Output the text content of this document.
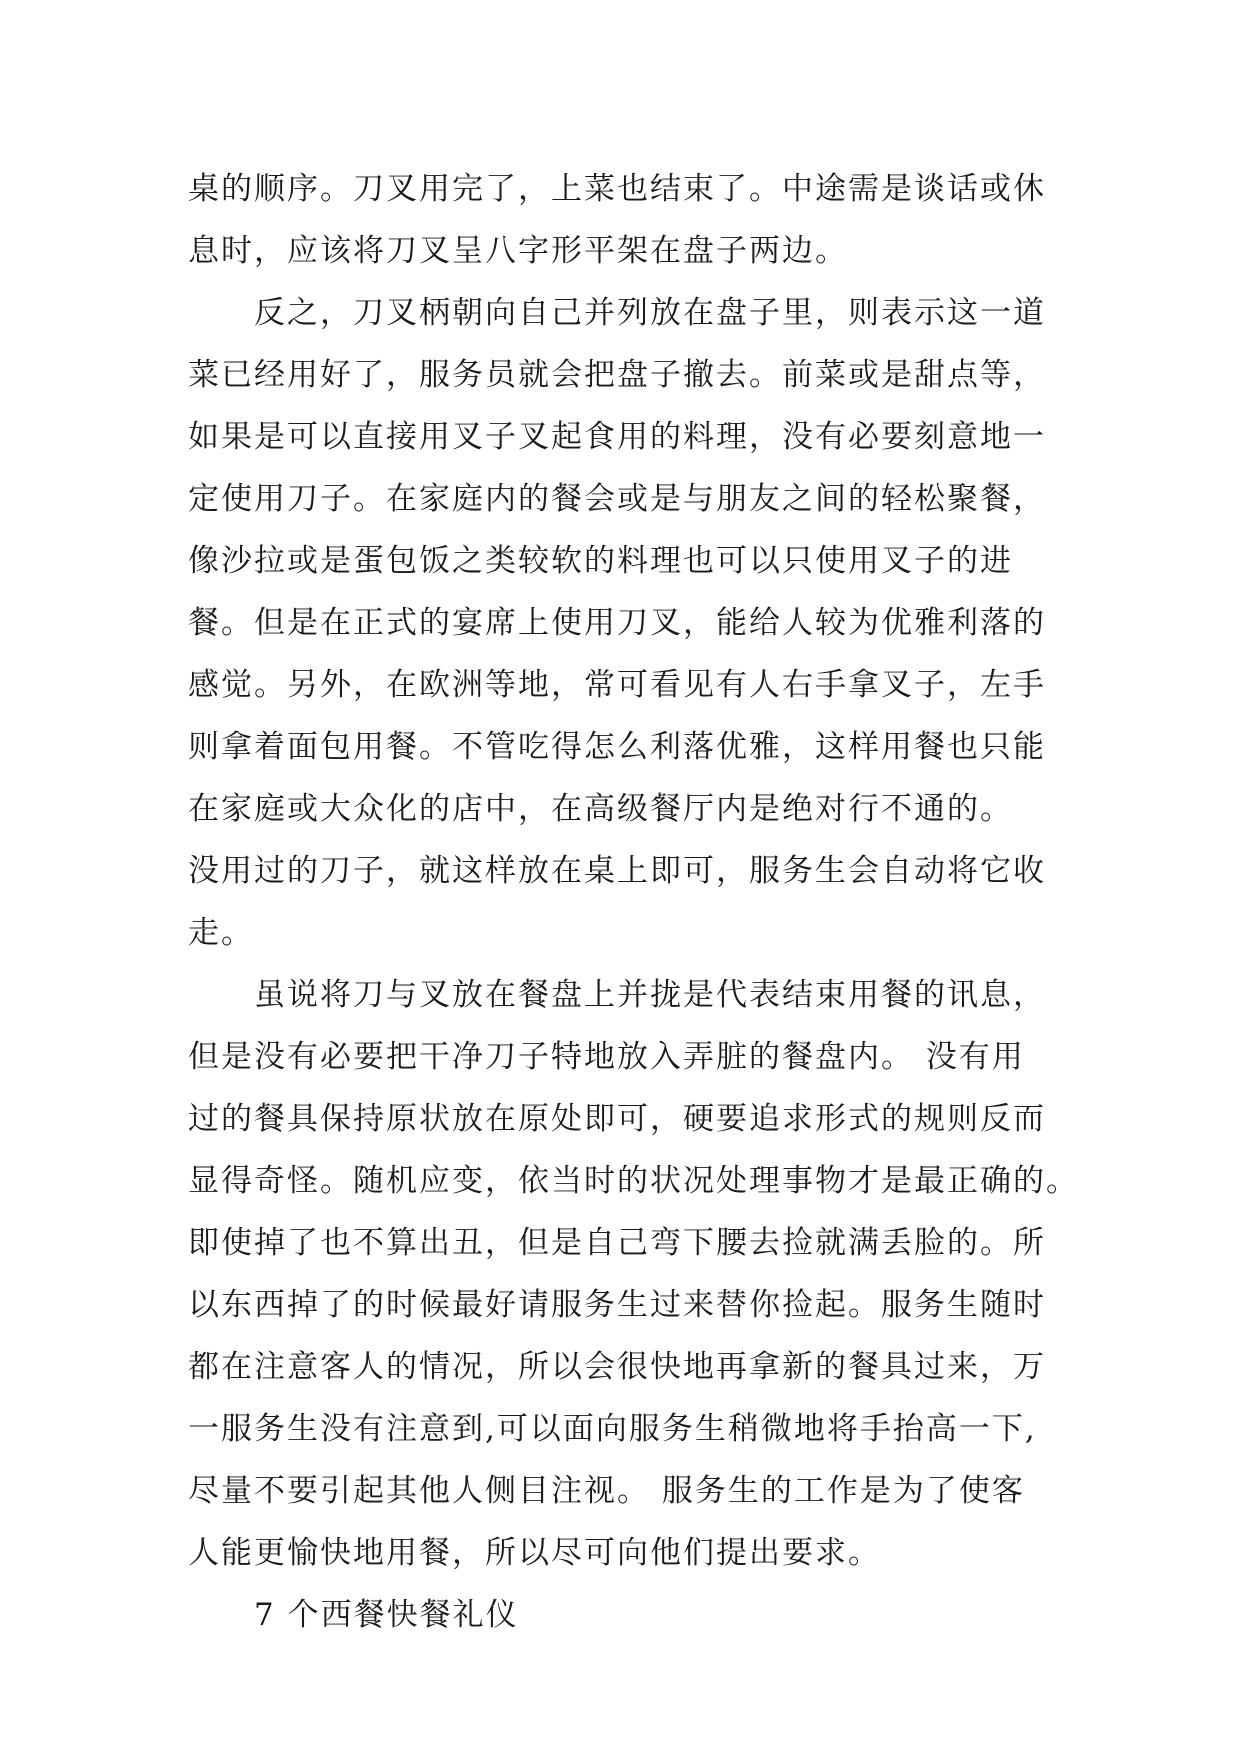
桌的顺序。刀叉用完了，上菜也结束了。中途需是谈话或休
息时，应该将刀叉呈八字形平架在盘子两边。
反之，刀叉柄朝向自己并列放在盘子里，则表示这一道
菜已经用好了，服务员就会把盘子撤去。前菜或是甜点等，
如果是可以直接用叉子叉起食用的料理，没有必要刻意地一
定使用刀子。在家庭内的餐会或是与朋友之间的轻松聚餐，
像沙拉或是蛋包饭之类较软的料理也可以只使用叉子的进
餐。但是在正式的宴席上使用刀叉，能给人较为优雅利落的
感觉。另外，在欧洲等地，常可看见有人右手拿叉子，左手
则拿着面包用餐。不管吃得怎么利落优雅，这样用餐也只能
在家庭或大众化的店中，在高级餐厅内是绝对行不通的。
没用过的刀子，就这样放在桌上即可，服务生会自动将它收
走。
虽说将刀与叉放在餐盘上并拢是代表结束用餐的讯息，
但是没有必要把干净刀子特地放入弄脏的餐盘内。 没有用
过的餐具保持原状放在原处即可，硬要追求形式的规则反而
显得奇怪。随机应变，依当时的状况处理事物才是最正确的。
即使掉了也不算出丑，但是自己弯下腰去捡就满丢脸的。所
以东西掉了的时候最好请服务生过来替你捡起。服务生随时
都在注意客人的情况，所以会很快地再拿新的餐具过来，万
一服务生没有注意到,可以面向服务生稍微地将手抬高一下,
尽量不要引起其他人侧目注视。 服务生的工作是为了使客
人能更愉快地用餐，所以尽可向他们提出要求。
7 个西餐快餐礼仪
